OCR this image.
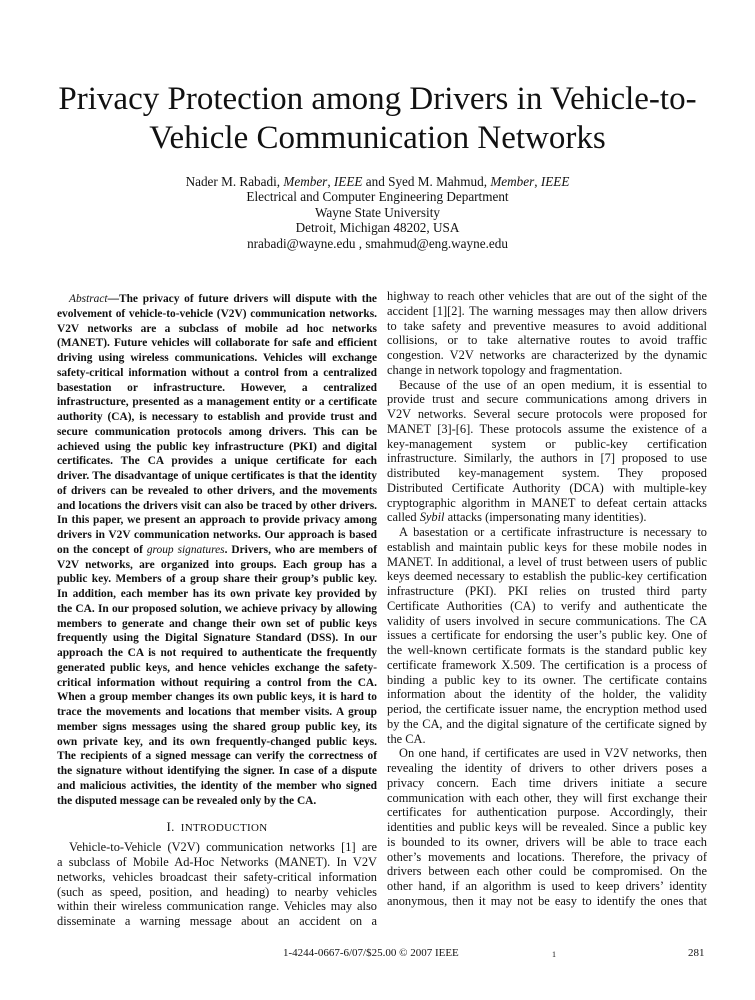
Privacy Protection among Drivers in Vehicle-to-
Vehicle Communication Networks
Nader M. Rabadi, Member, IEEE and Syed M. Mahmud, Member, IEEE
Electrical and Computer Engineering Department
Wayne State University
Detroit, Michigan 48202, USA
nrabadi@wayne.edu , smahmud@eng.wayne.edu
Abstract—The privacy of future drivers will dispute with the
evolvement of vehicle-to-vehicle (V2V) communication networks.
V2V networks are a subclass of mobile ad hoc networks
(MANET). Future vehicles will collaborate for safe and efficient
driving using wireless communications. Vehicles will exchange
safety-critical information without a control from a centralized
basestation or infrastructure. However, a centralized
infrastructure, presented as a management entity or a certificate
authority (CA), is necessary to establish and provide trust and
secure communication protocols among drivers. This can be
achieved using the public key infrastructure (PKI) and digital
certificates. The CA provides a unique certificate for each
driver. The disadvantage of unique certificates is that the identity
of drivers can be revealed to other drivers, and the movements
and locations the drivers visit can also be traced by other drivers.
In this paper, we present an approach to provide privacy among
drivers in V2V communication networks. Our approach is based
on the concept of group signatures. Drivers, who are members of
V2V networks, are organized into groups. Each group has a
public key. Members of a group share their group’s public key.
In addition, each member has its own private key provided by
the CA. In our proposed solution, we achieve privacy by allowing
members to generate and change their own set of public keys
frequently using the Digital Signature Standard (DSS). In our
approach the CA is not required to authenticate the frequently
generated public keys, and hence vehicles exchange the safety-
critical information without requiring a control from the CA.
When a group member changes its own public keys, it is hard to
trace the movements and locations that member visits. A group
member signs messages using the shared group public key, its
own private key, and its own frequently-changed public keys.
The recipients of a signed message can verify the correctness of
the signature without identifying the signer. In case of a dispute
and malicious activities, the identity of the member who signed
the disputed message can be revealed only by the CA.
I. INTRODUCTION
Vehicle-to-Vehicle (V2V) communication networks [1] are
a subclass of Mobile Ad-Hoc Networks (MANET). In V2V
networks, vehicles broadcast their safety-critical information
(such as speed, position, and heading) to nearby vehicles
within their wireless communication range. Vehicles may also
disseminate a warning message about an accident on a
highway to reach other vehicles that are out of the sight of the
accident [1][2]. The warning messages may then allow drivers
to take safety and preventive measures to avoid additional
collisions, or to take alternative routes to avoid traffic
congestion. V2V networks are characterized by the dynamic
change in network topology and fragmentation.
Because of the use of an open medium, it is essential to
provide trust and secure communications among drivers in
V2V networks. Several secure protocols were proposed for
MANET [3]-[6]. These protocols assume the existence of a
key-management system or public-key certification
infrastructure. Similarly, the authors in [7] proposed to use
distributed key-management system. They proposed
Distributed Certificate Authority (DCA) with multiple-key
cryptographic algorithm in MANET to defeat certain attacks
called Sybil attacks (impersonating many identities).
A basestation or a certificate infrastructure is necessary to
establish and maintain public keys for these mobile nodes in
MANET. In additional, a level of trust between users of public
keys deemed necessary to establish the public-key certification
infrastructure (PKI). PKI relies on trusted third party
Certificate Authorities (CA) to verify and authenticate the
validity of users involved in secure communications. The CA
issues a certificate for endorsing the user’s public key. One of
the well-known certificate formats is the standard public key
certificate framework X.509. The certification is a process of
binding a public key to its owner. The certificate contains
information about the identity of the holder, the validity
period, the certificate issuer name, the encryption method used
by the CA, and the digital signature of the certificate signed by
the CA.
On one hand, if certificates are used in V2V networks, then
revealing the identity of drivers to other drivers poses a
privacy concern. Each time drivers initiate a secure
communication with each other, they will first exchange their
certificates for authentication purpose. Accordingly, their
identities and public keys will be revealed. Since a public key
is bounded to its owner, drivers will be able to trace each
other’s movements and locations. Therefore, the privacy of
drivers between each other could be compromised. On the
other hand, if an algorithm is used to keep drivers’ identity
anonymous, then it may not be easy to identify the ones that
1-4244-0667-6/07/$25.00 © 2007 IEEE	1	281
